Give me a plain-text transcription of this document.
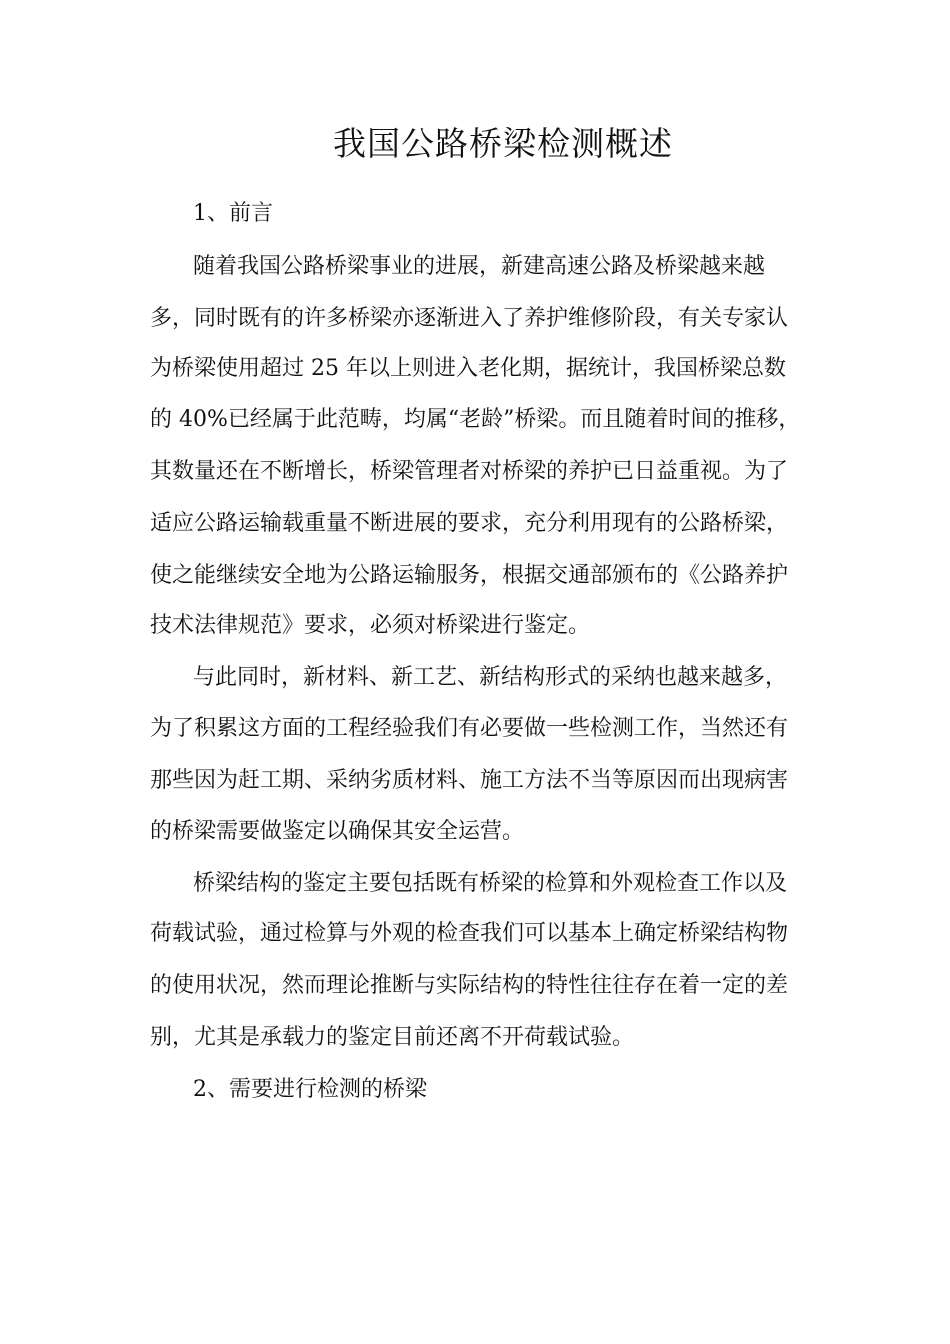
我国公路桥梁检测概述
1、前言
随着我国公路桥梁事业的进展，新建高速公路及桥梁越来越
多，同时既有的许多桥梁亦逐渐进入了养护维修阶段，有关专家认
为桥梁使用超过 25 年以上则进入老化期，据统计，我国桥梁总数
的 40%已经属于此范畴，均属“老龄”桥梁。而且随着时间的推移，
其数量还在不断增长，桥梁管理者对桥梁的养护已日益重视。为了
适应公路运输载重量不断进展的要求，充分利用现有的公路桥梁，
使之能继续安全地为公路运输服务，根据交通部颁布的《公路养护
技术法律规范》要求，必须对桥梁进行鉴定。
与此同时，新材料、新工艺、新结构形式的采纳也越来越多，
为了积累这方面的工程经验我们有必要做一些检测工作，当然还有
那些因为赶工期、采纳劣质材料、施工方法不当等原因而出现病害
的桥梁需要做鉴定以确保其安全运营。
桥梁结构的鉴定主要包括既有桥梁的检算和外观检查工作以及
荷载试验，通过检算与外观的检查我们可以基本上确定桥梁结构物
的使用状况，然而理论推断与实际结构的特性往往存在着一定的差
别，尤其是承载力的鉴定目前还离不开荷载试验。
2、需要进行检测的桥梁
